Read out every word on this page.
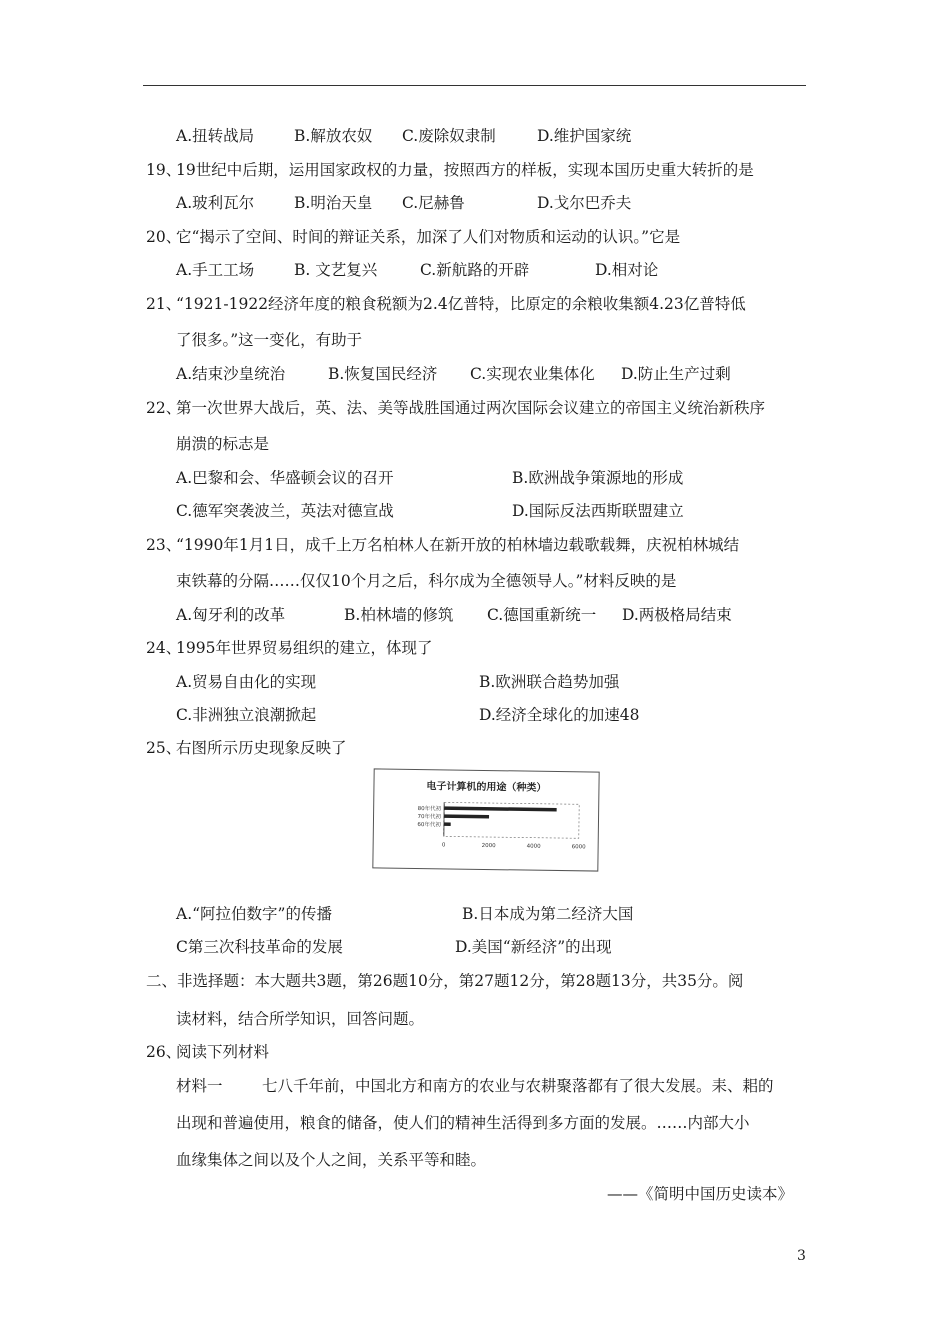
A.扭转战局	B.解放农奴 C.废除奴隶制	D.维护国家统
19、
19世纪中后期，运用国家政权的力量，按照西方的样板，实现本国历史重大转折的是
A.玻利瓦尔	B.明治天皇 C.尼赫鲁	D.戈尔巴乔夫
20、
它“揭示了空间、时间的辩证关系，加深了人们对物质和运动的认识。”它是
A.手工工场	B. 文艺复兴	C.新航路的开辟	D.相对论
21、
“1921-1922经济年度的粮食税额为2.4亿普特，比原定的余粮收集额4.23亿普特低
了很多。”这一变化，有助于
A.结束沙皇统治	B.恢复国民经济 C.实现农业集体化 D.防止生产过剩
22、
第一次世界大战后，英、法、美等战胜国通过两次国际会议建立的帝国主义统治新秩序
崩溃的标志是
A.巴黎和会、华盛顿会议的召开	B.欧洲战争策源地的形成
C.德军突袭波兰，英法对德宣战	D.国际反法西斯联盟建立
23、
“1990年1月1日，成千上万名柏林人在新开放的柏林墙边载歌载舞，庆祝柏林城结
束铁幕的分隔……仅仅10个月之后，科尔成为全德领导人。”材料反映的是
A.匈牙利的改革	B.柏林墙的修筑 C.德国重新统一 D.两极格局结束
24、
1995年世界贸易组织的建立，体现了
A.贸易自由化的实现	B.欧洲联合趋势加强
C.非洲独立浪潮掀起	D.经济全球化的加速48
25、
右图所示历史现象反映了
电子计算机的用途（种类）
80年代初
70年代初
60年代初
0	2000	4000	6000
A.“阿拉伯数字”的传播	B.日本成为第二经济大国
C第三次科技革命的发展	D.美国“新经济”的出现
二、非选择题：本大题共3题，第26题10分，第27题12分，第28题13分，共35分。阅
读材料，结合所学知识，回答问题。
26、
阅读下列材料
材料一	七八千年前，中国北方和南方的农业与农耕聚落都有了很大发展。耒、耜的
出现和普遍使用，粮食的储备，使人们的精神生活得到多方面的发展。……内部大小
血缘集体之间以及个人之间，关系平等和睦。
——《简明中国历史读本》
3
